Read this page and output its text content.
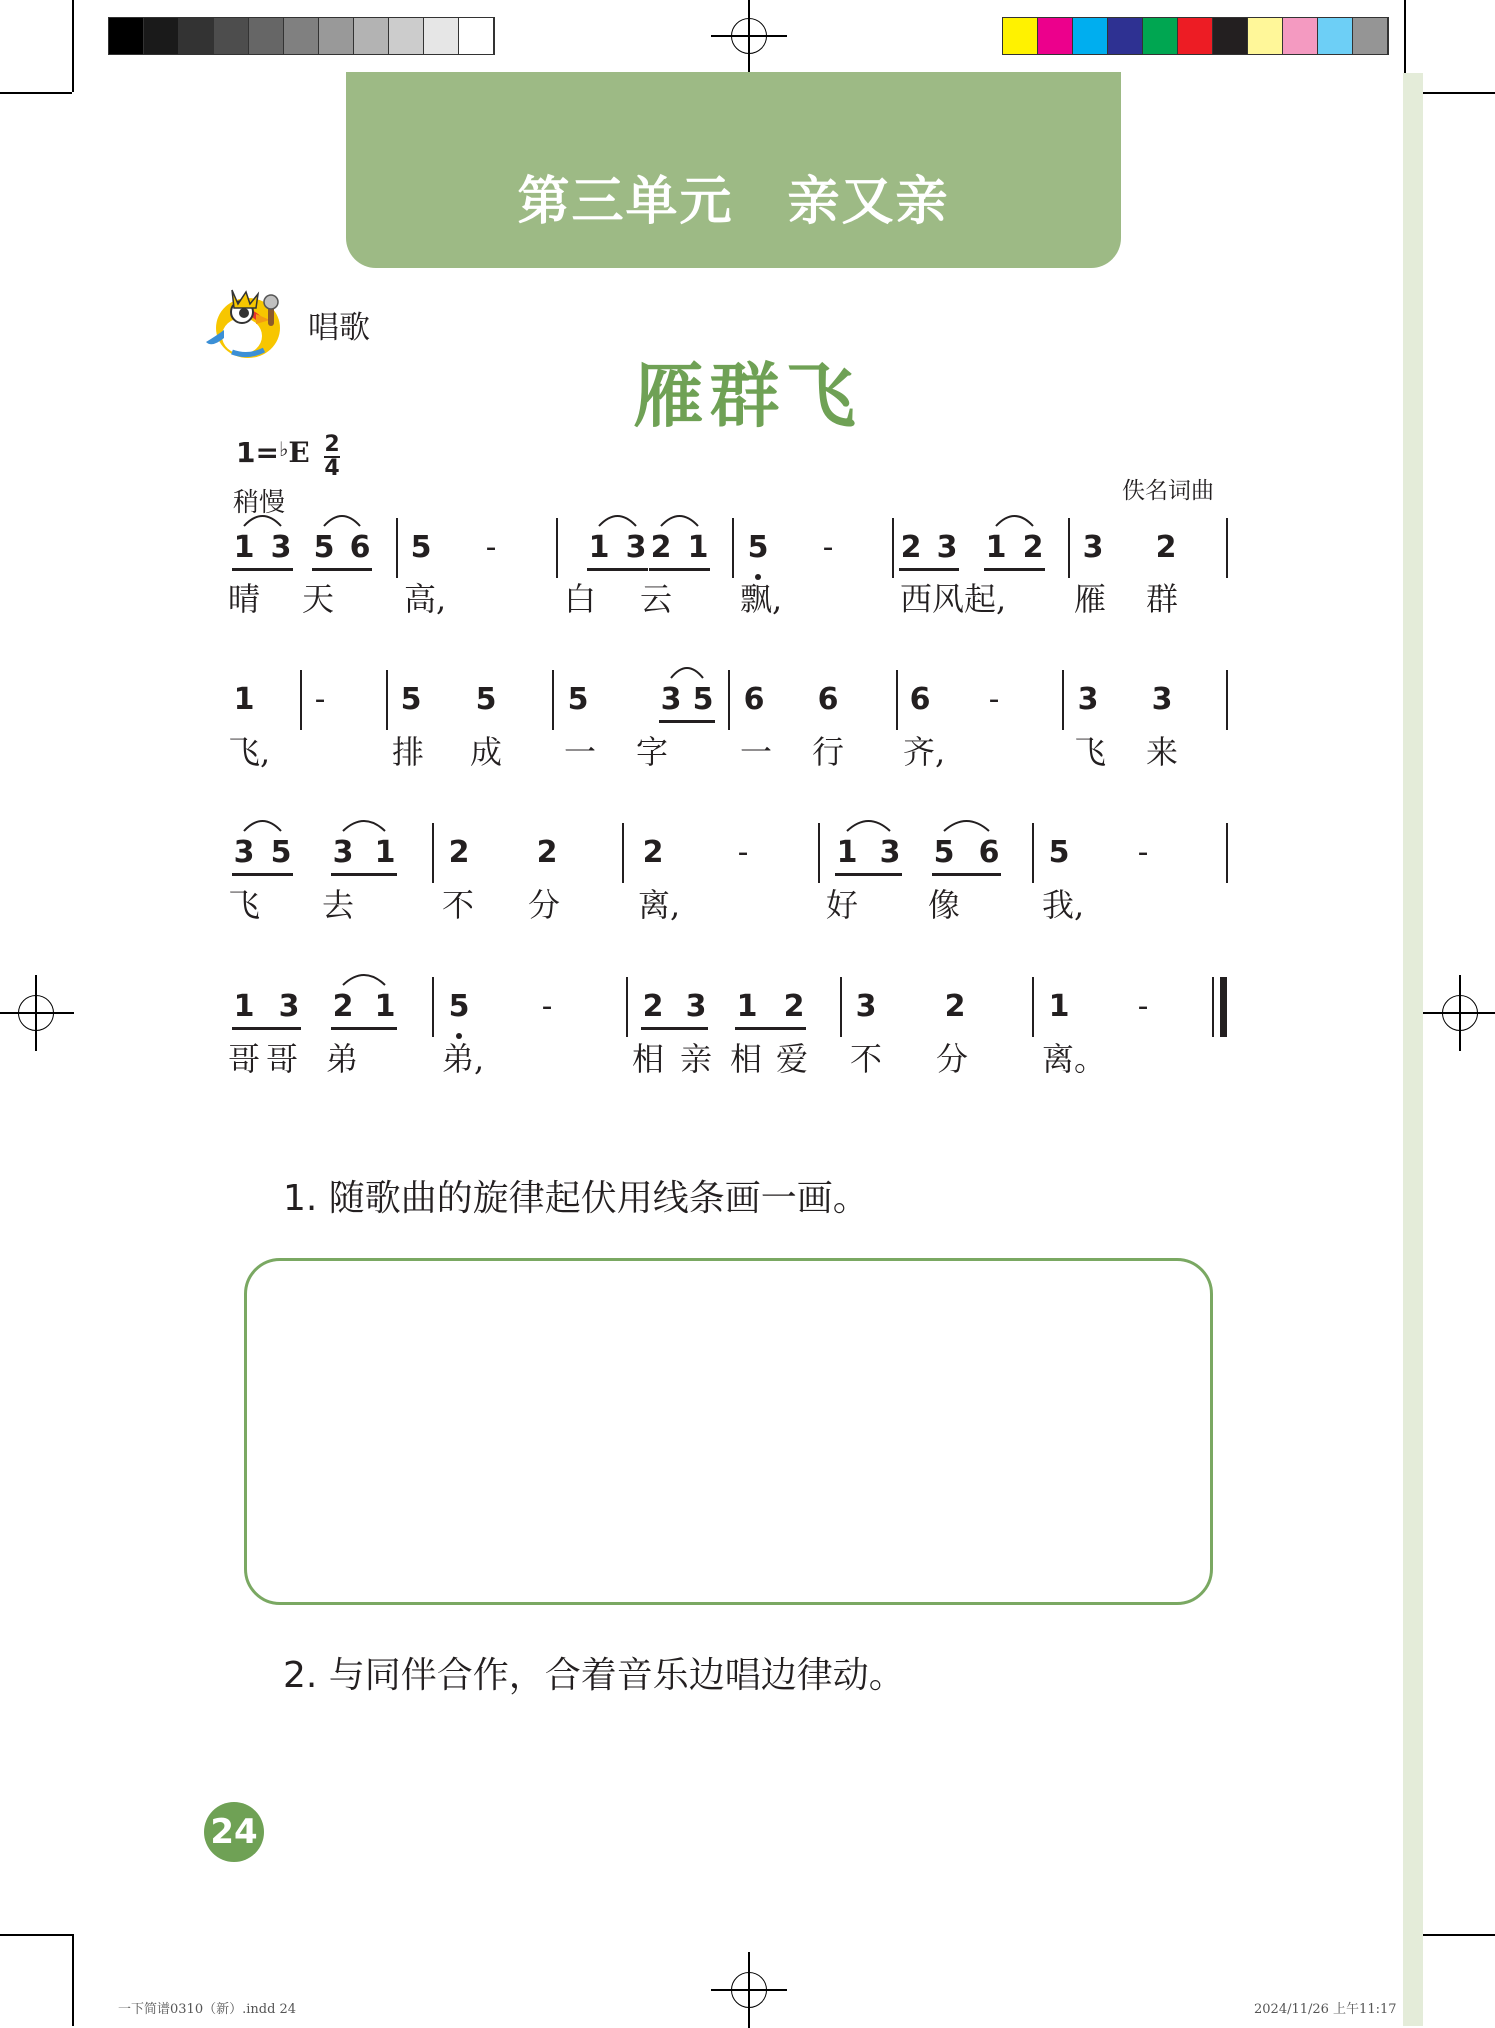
第三单元　亲又亲
唱歌
雁群飞
1=♭E 2
4
稍慢	佚名词曲
1 3 5 6 5 -	1 3 2 1 5 - 2 3 1 2 3 2
晴 天 高,	白 云 飘,	西风起, 雁 群
1 -	5 5 5 3 5 6 6 6 -	3 3
飞,	排 成 一 字 一 行 齐,	飞 来
3 5 3 1 2 2	2 -	1 3 5 6 5 -
飞 去	不 分 离,	好 像	我,
1 3 2 1 5 -	2 3 1 2 3 2	1 -
哥 哥 弟	弟,	相 亲 相 爱 不 分 离。
1. 随歌曲的旋律起伏用线条画一画。
2. 与同伴合作，合着音乐边唱边律动。
24
一下简谱0310（新）.indd 24	2024/11/26 上午11:17
